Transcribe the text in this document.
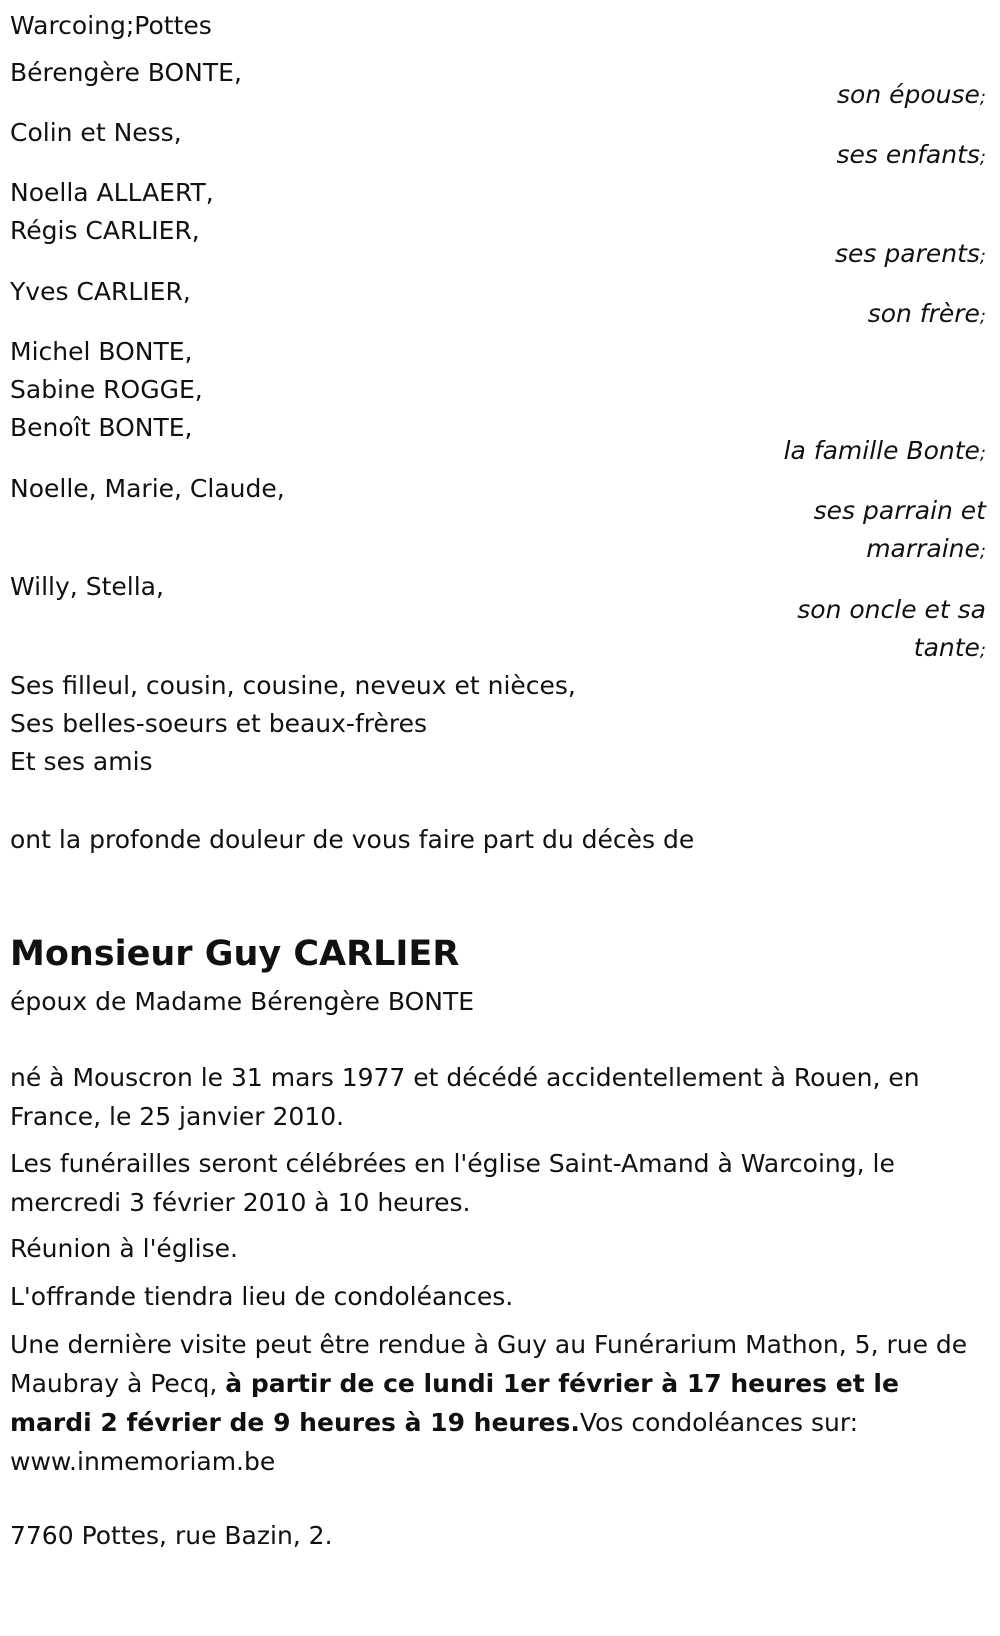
Warcoing;Pottes
Bérengère BONTE,
son épouse;
Colin et Ness,
ses enfants;
Noella ALLAERT,
Régis CARLIER,
ses parents;
Yves CARLIER,
son frère;
Michel BONTE,
Sabine ROGGE,
Benoît BONTE,
la famille Bonte;
Noelle, Marie, Claude,
ses parrain et
marraine;
Willy, Stella,
son oncle et sa
tante;
Ses filleul, cousin, cousine, neveux et nièces,
Ses belles-soeurs et beaux-frères
Et ses amis
ont la profonde douleur de vous faire part du décès de
Monsieur Guy CARLIER
époux de Madame Bérengère BONTE
né à Mouscron le 31 mars 1977 et décédé accidentellement à Rouen, en France, le 25 janvier 2010.
Les funérailles seront célébrées en l'église Saint-Amand à Warcoing, le mercredi 3 février 2010 à 10 heures.
Réunion à l'église.
L'offrande tiendra lieu de condoléances.
Une dernière visite peut être rendue à Guy au Funérarium Mathon, 5, rue de Maubray à Pecq, à partir de ce lundi 1er février à 17 heures et le mardi 2 février de 9 heures à 19 heures.Vos condoléances sur: www.inmemoriam.be
7760 Pottes, rue Bazin, 2.
